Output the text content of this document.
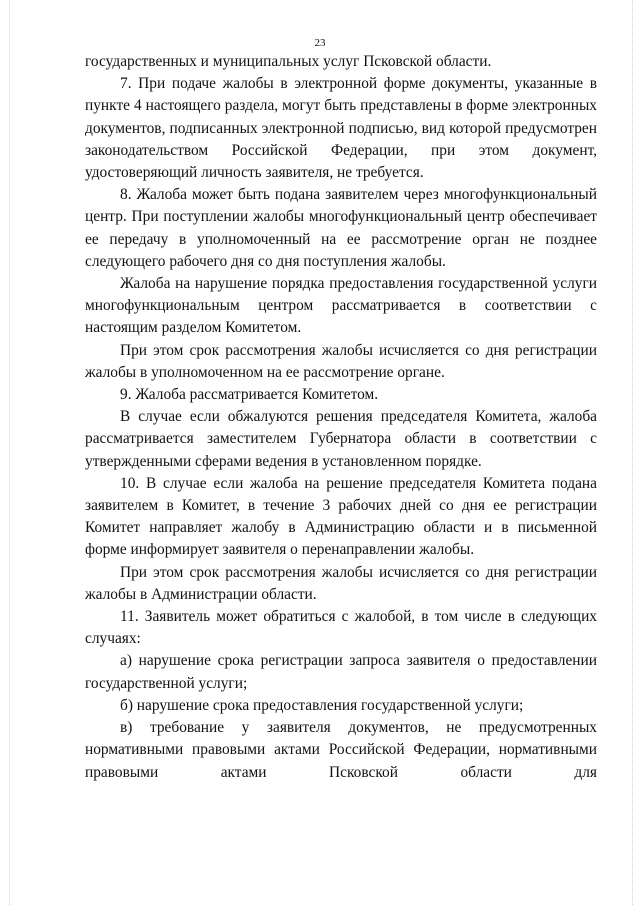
23

государственных и муниципальных услуг Псковской области.

7. При подаче жалобы в электронной форме документы, указанные в пункте 4 настоящего раздела, могут быть представлены в форме электронных документов, подписанных электронной подписью, вид которой предусмотрен законодательством Российской Федерации, при этом документ, удостоверяющий личность заявителя, не требуется.

8. Жалоба может быть подана заявителем через многофункциональный центр. При поступлении жалобы многофункциональный центр обеспечивает ее передачу в уполномоченный на ее рассмотрение орган не позднее следующего рабочего дня со дня поступления жалобы.

Жалоба на нарушение порядка предоставления государственной услуги многофункциональным центром рассматривается в соответствии с настоящим разделом Комитетом.

При этом срок рассмотрения жалобы исчисляется со дня регистрации жалобы в уполномоченном на ее рассмотрение органе.

9. Жалоба рассматривается Комитетом.

В случае если обжалуются решения председателя Комитета, жалоба рассматривается заместителем Губернатора области в соответствии с утвержденными сферами ведения в установленном порядке.

10. В случае если жалоба на решение председателя Комитета подана заявителем в Комитет, в течение 3 рабочих дней со дня ее регистрации Комитет направляет жалобу в Администрацию области и в письменной форме информирует заявителя о перенаправлении жалобы.

При этом срок рассмотрения жалобы исчисляется со дня регистрации жалобы в Администрации области.

11. Заявитель может обратиться с жалобой, в том числе в следующих случаях:

а) нарушение срока регистрации запроса заявителя о предоставлении государственной услуги;

б) нарушение срока предоставления государственной услуги;

в) требование у заявителя документов, не предусмотренных нормативными правовыми актами Российской Федерации, нормативными правовыми актами Псковской области для
